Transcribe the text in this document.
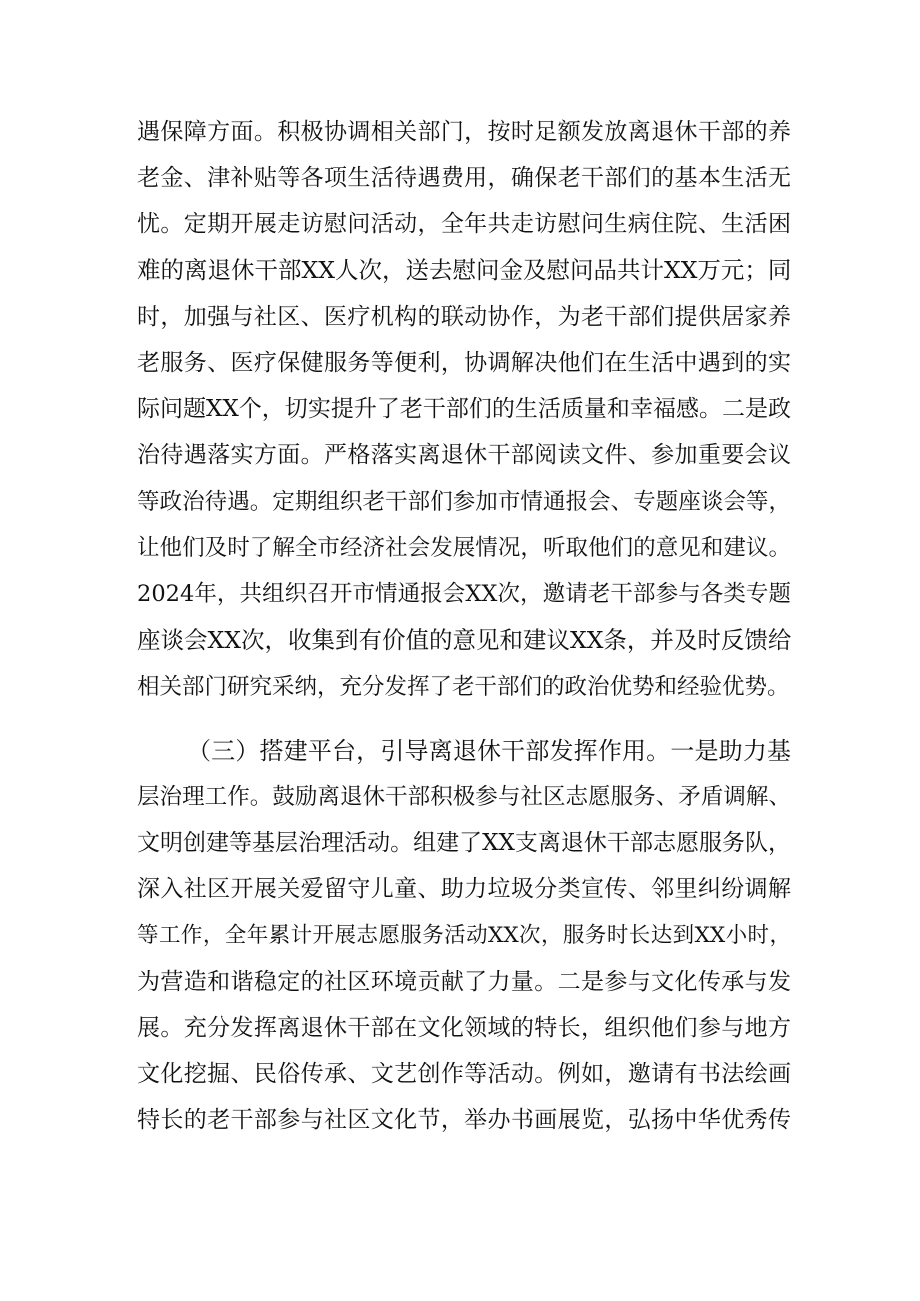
遇保障方面。积极协调相关部门，按时足额发放离退休干部的养
老金、津补贴等各项生活待遇费用，确保老干部们的基本生活无
忧。定期开展走访慰问活动，全年共走访慰问生病住院、生活困
难的离退休干部XX人次，送去慰问金及慰问品共计XX万元；同
时，加强与社区、医疗机构的联动协作，为老干部们提供居家养
老服务、医疗保健服务等便利，协调解决他们在生活中遇到的实
际问题XX个，切实提升了老干部们的生活质量和幸福感。二是政
治待遇落实方面。严格落实离退休干部阅读文件、参加重要会议
等政治待遇。定期组织老干部们参加市情通报会、专题座谈会等，
让他们及时了解全市经济社会发展情况，听取他们的意见和建议。
2024年，共组织召开市情通报会XX次，邀请老干部参与各类专题
座谈会XX次，收集到有价值的意见和建议XX条，并及时反馈给
相关部门研究采纳，充分发挥了老干部们的政治优势和经验优势。
（三）搭建平台，引导离退休干部发挥作用。一是助力基
层治理工作。鼓励离退休干部积极参与社区志愿服务、矛盾调解、
文明创建等基层治理活动。组建了XX支离退休干部志愿服务队，
深入社区开展关爱留守儿童、助力垃圾分类宣传、邻里纠纷调解
等工作，全年累计开展志愿服务活动XX次，服务时长达到XX小时，
为营造和谐稳定的社区环境贡献了力量。二是参与文化传承与发
展。充分发挥离退休干部在文化领域的特长，组织他们参与地方
文化挖掘、民俗传承、文艺创作等活动。例如，邀请有书法绘画
特长的老干部参与社区文化节，举办书画展览，弘扬中华优秀传
